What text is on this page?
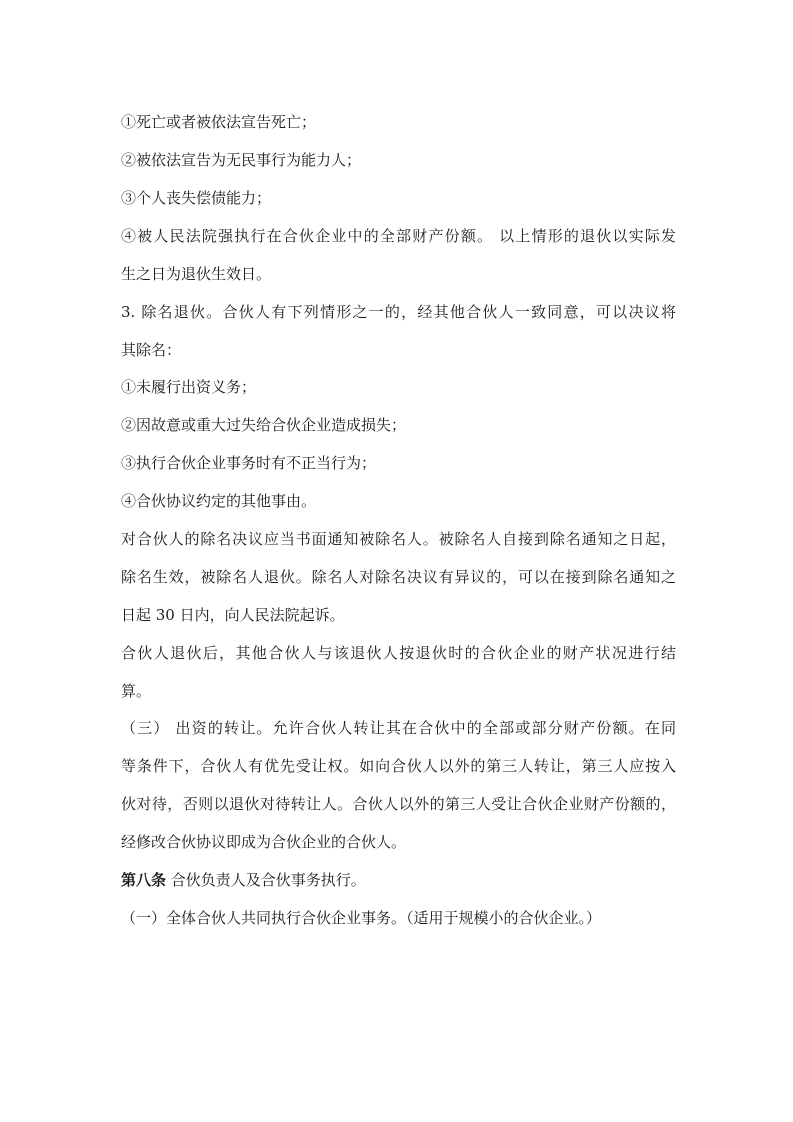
①死亡或者被依法宣告死亡；

②被依法宣告为无民事行为能力人；

③个人丧失偿债能力；

④被人民法院强执行在合伙企业中的全部财产份额。 以上情形的退伙以实际发

生之日为退伙生效日。

3. 除名退伙。合伙人有下列情形之一的，经其他合伙人一致同意，可以决议将

其除名：

①未履行出资义务；

②因故意或重大过失给合伙企业造成损失；

③执行合伙企业事务时有不正当行为；

④合伙协议约定的其他事由。

对合伙人的除名决议应当书面通知被除名人。被除名人自接到除名通知之日起，

除名生效，被除名人退伙。除名人对除名决议有异议的，可以在接到除名通知之

日起 30 日内，向人民法院起诉。

合伙人退伙后，其他合伙人与该退伙人按退伙时的合伙企业的财产状况进行结

算。

（三） 出资的转让。允许合伙人转让其在合伙中的全部或部分财产份额。在同

等条件下，合伙人有优先受让权。如向合伙人以外的第三人转让，第三人应按入

伙对待，否则以退伙对待转让人。合伙人以外的第三人受让合伙企业财产份额的，

经修改合伙协议即成为合伙企业的合伙人。

第八条 合伙负责人及合伙事务执行。

（一）全体合伙人共同执行合伙企业事务。（适用于规模小的合伙企业。）
